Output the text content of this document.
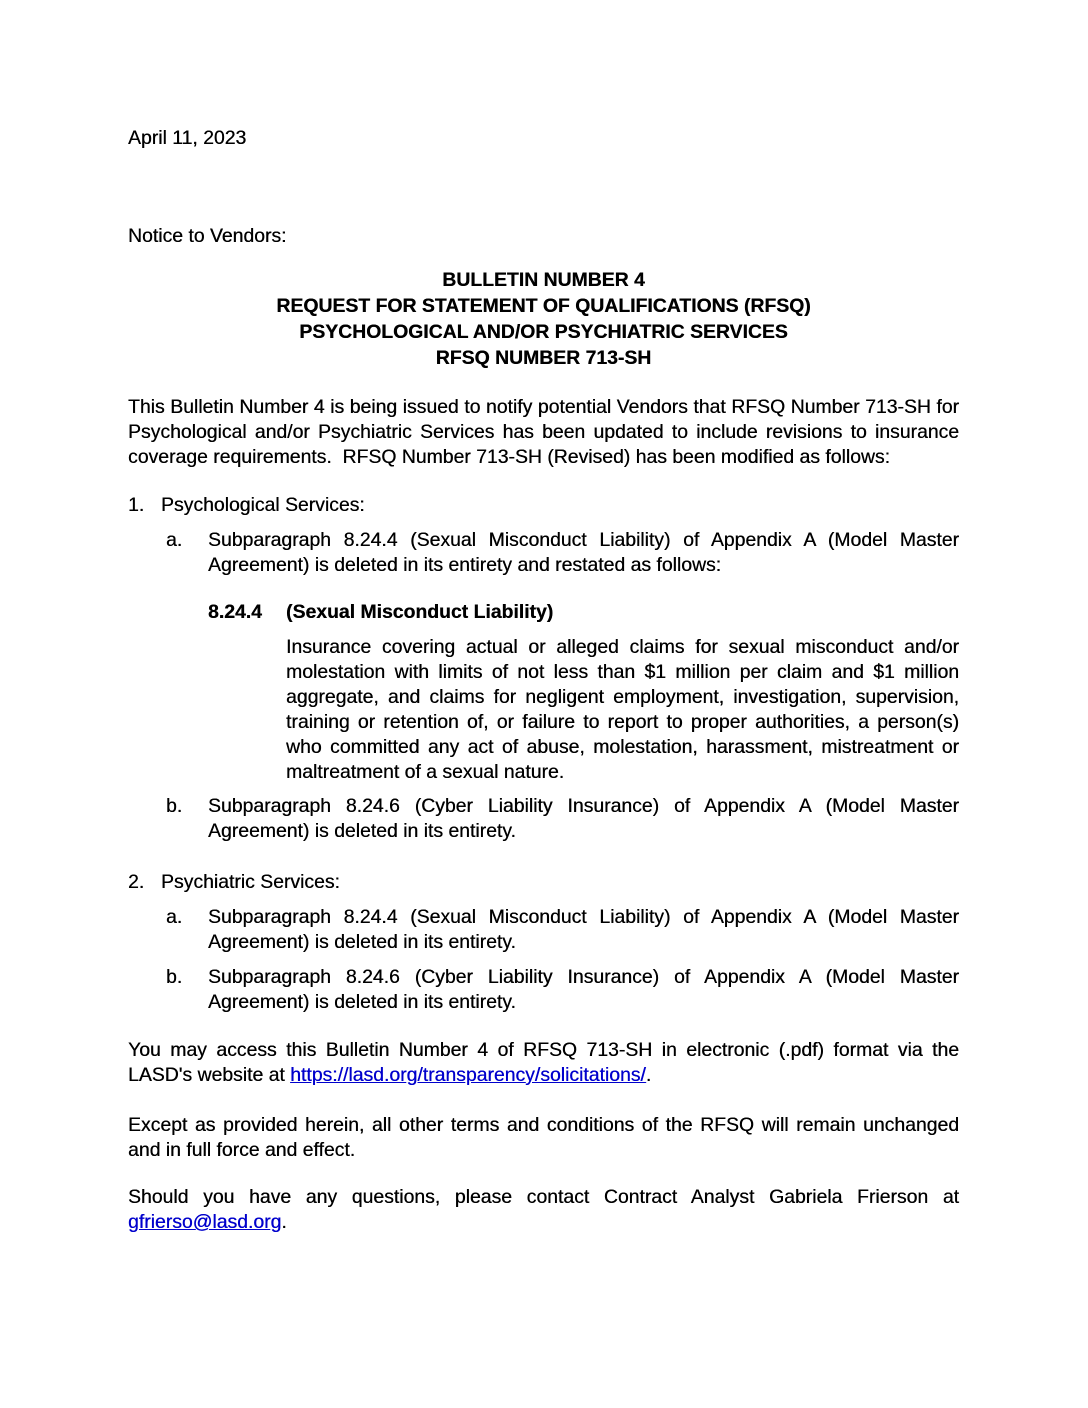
April 11, 2023

Notice to Vendors:

BULLETIN NUMBER 4
REQUEST FOR STATEMENT OF QUALIFICATIONS (RFSQ)
PSYCHOLOGICAL AND/OR PSYCHIATRIC SERVICES
RFSQ NUMBER 713-SH

This Bulletin Number 4 is being issued to notify potential Vendors that RFSQ Number 713-SH for Psychological and/or Psychiatric Services has been updated to include revisions to insurance coverage requirements.  RFSQ Number 713-SH (Revised) has been modified as follows:

1. Psychological Services:
a.	Subparagraph 8.24.4 (Sexual Misconduct Liability) of Appendix A (Model Master Agreement) is deleted in its entirety and restated as follows:
8.24.4	(Sexual Misconduct Liability)

Insurance covering actual or alleged claims for sexual misconduct and/or molestation with limits of not less than $1 million per claim and $1 million aggregate, and claims for negligent employment, investigation, supervision, training or retention of, or failure to report to proper authorities, a person(s) who committed any act of abuse, molestation, harassment, mistreatment or maltreatment of a sexual nature.

b.	Subparagraph 8.24.6 (Cyber Liability Insurance) of Appendix A (Model Master Agreement) is deleted in its entirety.
2. Psychiatric Services:
a.	Subparagraph 8.24.4 (Sexual Misconduct Liability) of Appendix A (Model Master Agreement) is deleted in its entirety.
b.	Subparagraph 8.24.6 (Cyber Liability Insurance) of Appendix A (Model Master Agreement) is deleted in its entirety.

You may access this Bulletin Number 4 of RFSQ 713-SH in electronic (.pdf) format via the LASD's website at https://lasd.org/transparency/solicitations/.

Except as provided herein, all other terms and conditions of the RFSQ will remain unchanged and in full force and effect.

Should you have any questions, please contact Contract Analyst Gabriela Frierson at gfrierso@lasd.org.
